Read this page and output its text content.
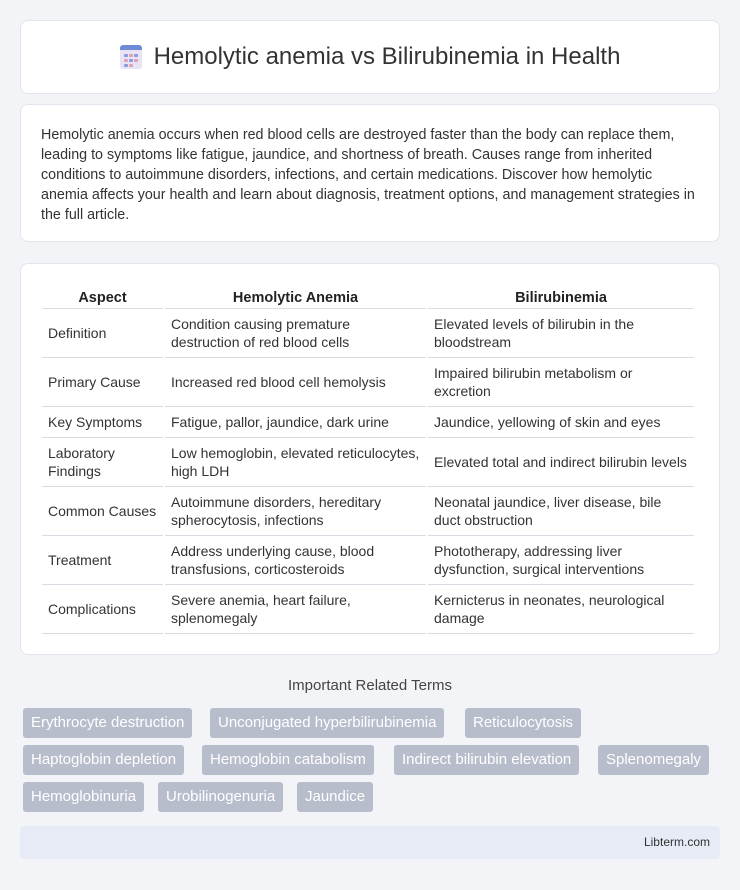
Hemolytic anemia vs Bilirubinemia in Health

Hemolytic anemia occurs when red blood cells are destroyed faster than the body can replace them, leading to symptoms like fatigue, jaundice, and shortness of breath. Causes range from inherited conditions to autoimmune disorders, infections, and certain medications. Discover how hemolytic anemia affects your health and learn about diagnosis, treatment options, and management strategies in the full article.

Aspect	Hemolytic Anemia	Bilirubinemia
Definition	Condition causing premature destruction of red blood cells	Elevated levels of bilirubin in the bloodstream
Primary Cause	Increased red blood cell hemolysis	Impaired bilirubin metabolism or excretion
Key Symptoms	Fatigue, pallor, jaundice, dark urine	Jaundice, yellowing of skin and eyes
Laboratory Findings	Low hemoglobin, elevated reticulocytes, high LDH	Elevated total and indirect bilirubin levels
Common Causes	Autoimmune disorders, hereditary spherocytosis, infections	Neonatal jaundice, liver disease, bile duct obstruction
Treatment	Address underlying cause, blood transfusions, corticosteroids	Phototherapy, addressing liver dysfunction, surgical interventions
Complications	Severe anemia, heart failure, splenomegaly	Kernicterus in neonates, neurological damage
Important Related Terms
Erythrocyte destruction	Unconjugated hyperbilirubinemia	Reticulocytosis
Haptoglobin depletion	Hemoglobin catabolism	Indirect bilirubin elevation	Splenomegaly
Hemoglobinuria	Urobilinogenuria	Jaundice
Libterm.com
